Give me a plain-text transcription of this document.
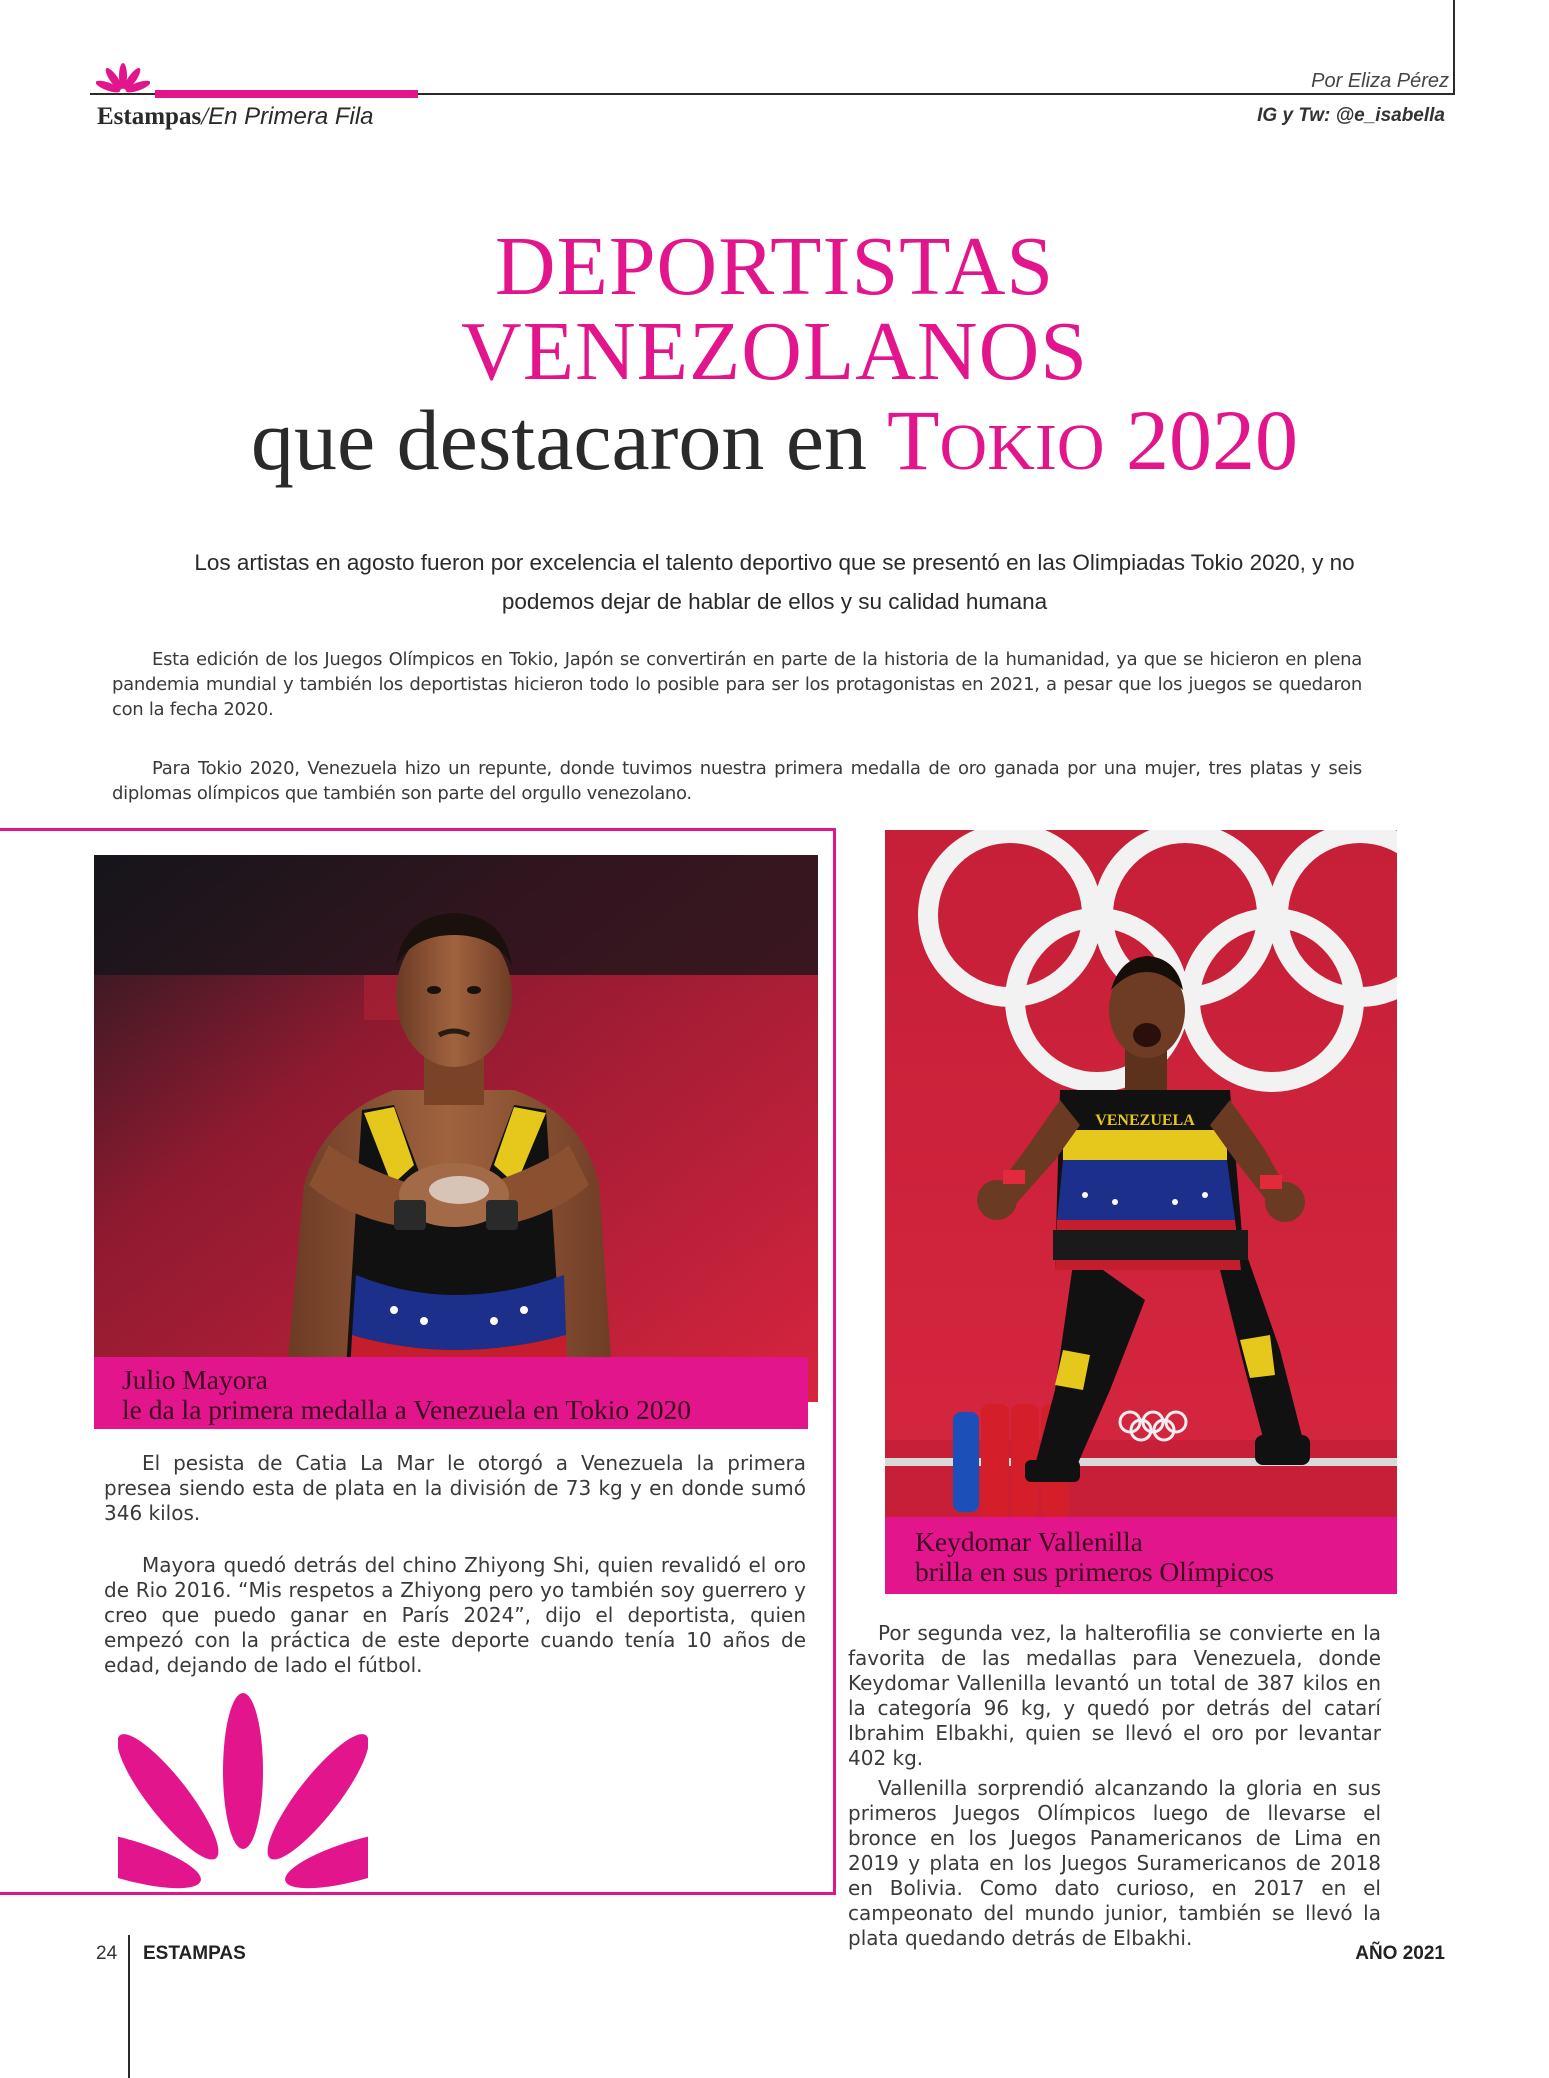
Estampas/En Primera Fila
Por Eliza Pérez
IG y Tw: @e_isabella
DEPORTISTAS
VENEZOLANOS
que destacaron en TOKIO 2020
Los artistas en agosto fueron por excelencia el talento deportivo que se presentó en las Olimpiadas Tokio 2020, y no podemos dejar de hablar de ellos y su calidad humana

Esta edición de los Juegos Olímpicos en Tokio, Japón se convertirán en parte de la historia de la humanidad, ya que se hicieron en plena pandemia mundial y también los deportistas hicieron todo lo posible para ser los protagonistas en 2021, a pesar que los juegos se quedaron con la fecha 2020.

Para Tokio 2020, Venezuela hizo un repunte, donde tuvimos nuestra primera medalla de oro ganada por una mujer, tres platas y seis diplomas olímpicos que también son parte del orgullo venezolano.

Julio Mayora
le da la primera medalla a Venezuela en Tokio 2020

El pesista de Catia La Mar le otorgó a Venezuela la primera presea siendo esta de plata en la división de 73 kg y en donde sumó 346 kilos.

Mayora quedó detrás del chino Zhiyong Shi, quien revalidó el oro de Rio 2016. “Mis respetos a Zhiyong pero yo también soy guerrero y creo que puedo ganar en París 2024”, dijo el deportista, quien empezó con la práctica de este deporte cuando tenía 10 años de edad, dejando de lado el fútbol.

VENEZUELA
Keydomar Vallenilla
brilla en sus primeros Olímpicos

Por segunda vez, la halterofilia se convierte en la favorita de las medallas para Venezuela, donde Keydomar Vallenilla levantó un total de 387 kilos en la categoría 96 kg, y quedó por detrás del catarí Ibrahim Elbakhi, quien se llevó el oro por levantar 402 kg.

Vallenilla sorprendió alcanzando la gloria en sus primeros Juegos Olímpicos luego de llevarse el bronce en los Juegos Panamericanos de Lima en 2019 y plata en los Juegos Suramericanos de 2018 en Bolivia. Como dato curioso, en 2017 en el campeonato del mundo junior, también se llevó la plata quedando detrás de Elbakhi.

24 ESTAMPAS	AÑO 2021
